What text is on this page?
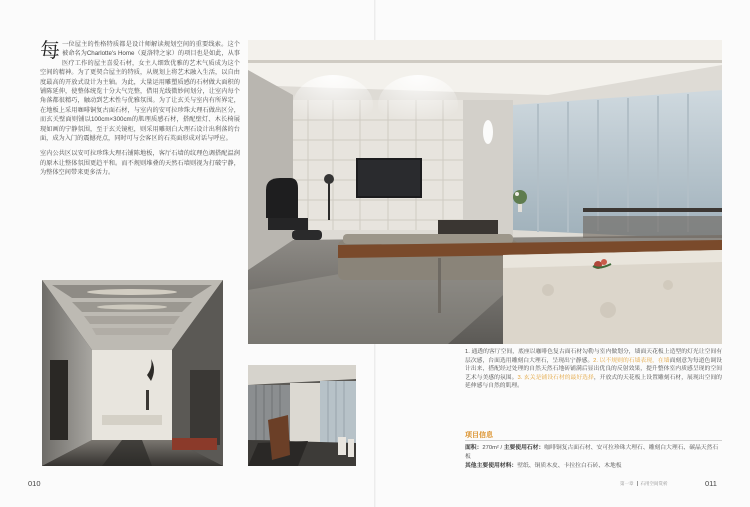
每 一位屋主的性格特质都是设计师解读规划空间的重要线索。这个被命名为Charlotte's Home（夏洛特之家）的项目也是如此，从事医疗工作的屋主喜爱石材，女主人细致优雅的艺术气质成为这个空间的精神。为了更契合屋主的特质，从规划上将艺术融入生活，以自由度最高的开放式设计为主轴。为此，大量运用雕塑质感的石材做大面积的铺陈延伸，使整体统览十分大气完整，借用光线微妙间划分，让室内每个角落都很精巧，触动到艺术性与优雅氛围。为了让玄关与室内有所界定，在地板上采用咖啡铜复古面石材，与室内的安可拉珍珠大理石做出区分，而玄关壁面则铺以100cm×300cm的肌理质感石材，搭配壁灯、木长椅展现如画的宁静氛围，至于玄关镜柜，则采用雕刻白大理石设计出利落的台面，成为入门的震撼亮点，同时可与会客区的石英面形成对话与呼应。

室内公共区以安可拉珍珠大理石铺陈地板，客厅石墙的纹理色调搭配温润的原木让整体氛围更趋平和。而不规则堆叠的天然石墙则视为打破宁静，为整体空间带来更多活力。

010
1. 通透的客厅空间，底座以咖啡色复古面石材勾勒与室内做划分，墙面天花板上造型的灯光让空间有层次感，台面选用雕刻白大理石，呈现出宁静感。2. 以不规则的石墙表现，在墙面刻意为每道色调设计出来，搭配经过处理的自然天然石地砖铺满后显出优良的反射效果，提升整体室内质感呈现的空间艺术与美感的氛围。3. 玄关是铺设石材的最好选择，开放式的天花板上设置雕刻石材，展现出空间的延伸感与自然的肌理。
项目信息
面积：270m² / 主要使用石材：咖啡铜复古面石材、安可拉珍珠大理石、雕刻白大理石、碳晶天然石板
其他主要使用材料：壁纸、铜质木皮、卡拉拉白石砖、木地板
第一章 石用空间赏析	011
